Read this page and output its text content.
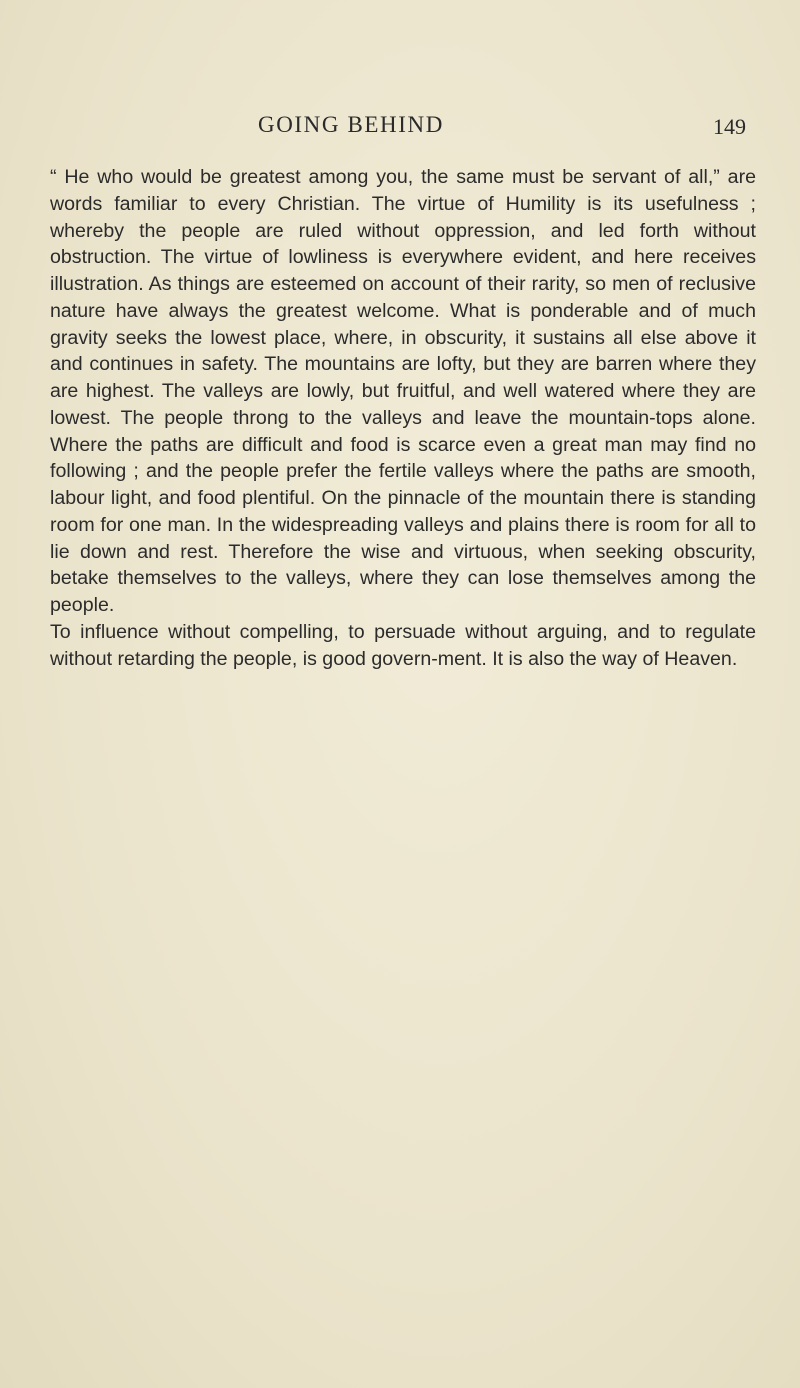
GOING BEHIND	149

“ He who would be greatest among you, the same must be servant of all,” are words familiar to every Christian. The virtue of Humility is its usefulness ; whereby the people are ruled without oppression, and led forth without obstruction. The virtue of lowliness is everywhere evident, and here receives illustration. As things are esteemed on account of their rarity, so men of reclusive nature have always the greatest welcome. What is ponderable and of much gravity seeks the lowest place, where, in obscurity, it sustains all else above it and continues in safety. The mountains are lofty, but they are barren where they are highest. The valleys are lowly, but fruitful, and well watered where they are lowest. The people throng to the valleys and leave the mountain-tops alone. Where the paths are difficult and food is scarce even a great man may find no following ; and the people prefer the fertile valleys where the paths are smooth, labour light, and food plentiful. On the pinnacle of the mountain there is standing room for one man. In the widespreading valleys and plains there is room for all to lie down and rest. Therefore the wise and virtuous, when seeking obscurity, betake themselves to the valleys, where they can lose themselves among the people.

To influence without compelling, to persuade without arguing, and to regulate without retarding the people, is good govern-ment. It is also the way of Heaven.
